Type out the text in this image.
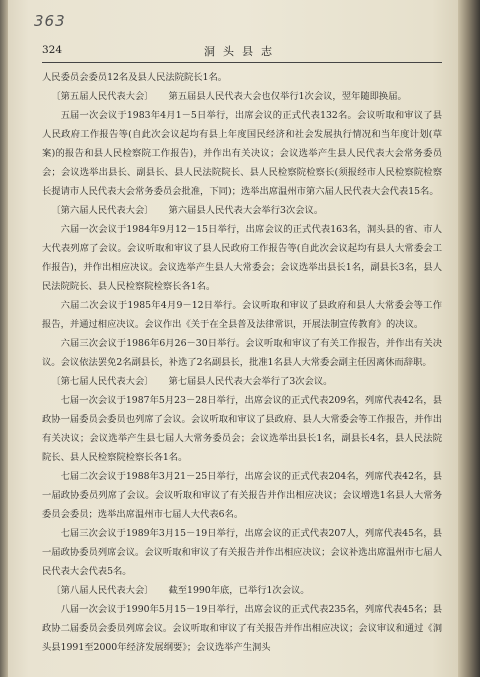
363
324	洞头县志

人民委员会委员12名及县人民法院院长1名。

〔第五届人民代表大会〕 第五届县人民代表大会也仅举行1次会议，翌年随即换届。

五届一次会议于1983年4月1－5日举行，出席会议的正式代表132名。会议听取和审议了县人民政府工作报告等(自此次会议起均有县上年度国民经济和社会发展执行情况和当年度计划(草案)的报告和县人民检察院工作报告)，并作出有关决议；会议选举产生县人民代表大会常务委员会；会议选举出县长、副县长、县人民法院院长、县人民检察院检察长(须报经市人民检察院检察长提请市人民代表大会常务委员会批准，下同)；选举出席温州市第六届人民代表大会代表15名。

〔第六届人民代表大会〕 第六届县人民代表大会举行3次会议。

六届一次会议于1984年9月12－15日举行，出席会议的正式代表163名，洞头县的省、市人大代表列席了会议。会议听取和审议了县人民政府工作报告等(自此次会议起均有县人大常委会工作报告)，并作出相应决议。会议选举产生县人大常委会；会议选举出县长1名，副县长3名，县人民法院院长、县人民检察院检察长各1名。

六届二次会议于1985年4月9－12日举行。会议听取和审议了县政府和县人大常委会等工作报告，并通过相应决议。会议作出《关于在全县普及法律常识，开展法制宣传教育》的决议。

六届三次会议于1986年6月26－30日举行。会议听取和审议了有关工作报告，并作出有关决议。会议依法罢免2名副县长，补选了2名副县长，批准1名县人大常委会副主任因离休而辞职。

〔第七届人民代表大会〕 第七届县人民代表大会举行了3次会议。

七届一次会议于1987年5月23－28日举行，出席会议的正式代表209名，列席代表42名，县政协一届委员会委员也列席了会议。会议听取和审议了县政府、县人大常委会等工作报告，并作出有关决议；会议选举产生县七届人大常务委员会；会议选举出县长1名，副县长4名，县人民法院院长、县人民检察院检察长各1名。

七届二次会议于1988年3月21－25日举行，出席会议的正式代表204名，列席代表42名，县一届政协委员列席了会议。会议听取和审议了有关报告并作出相应决议；会议增选1名县人大常务委员会委员；选举出席温州市七届人大代表6名。

七届三次会议于1989年3月15－19日举行，出席会议的正式代表207人，列席代表45名，县一届政协委员列席会议。会议听取和审议了有关报告并作出相应决议；会议补选出席温州市七届人民代表大会代表5名。

〔第八届人民代表大会〕 截至1990年底，已举行1次会议。

八届一次会议于1990年5月15－19日举行，出席会议的正式代表235名，列席代表45名；县政协二届委员会委员列席会议。会议听取和审议了有关报告并作出相应决议；会议审议和通过《洞头县1991至2000年经济发展纲要》；会议选举产生洞头
